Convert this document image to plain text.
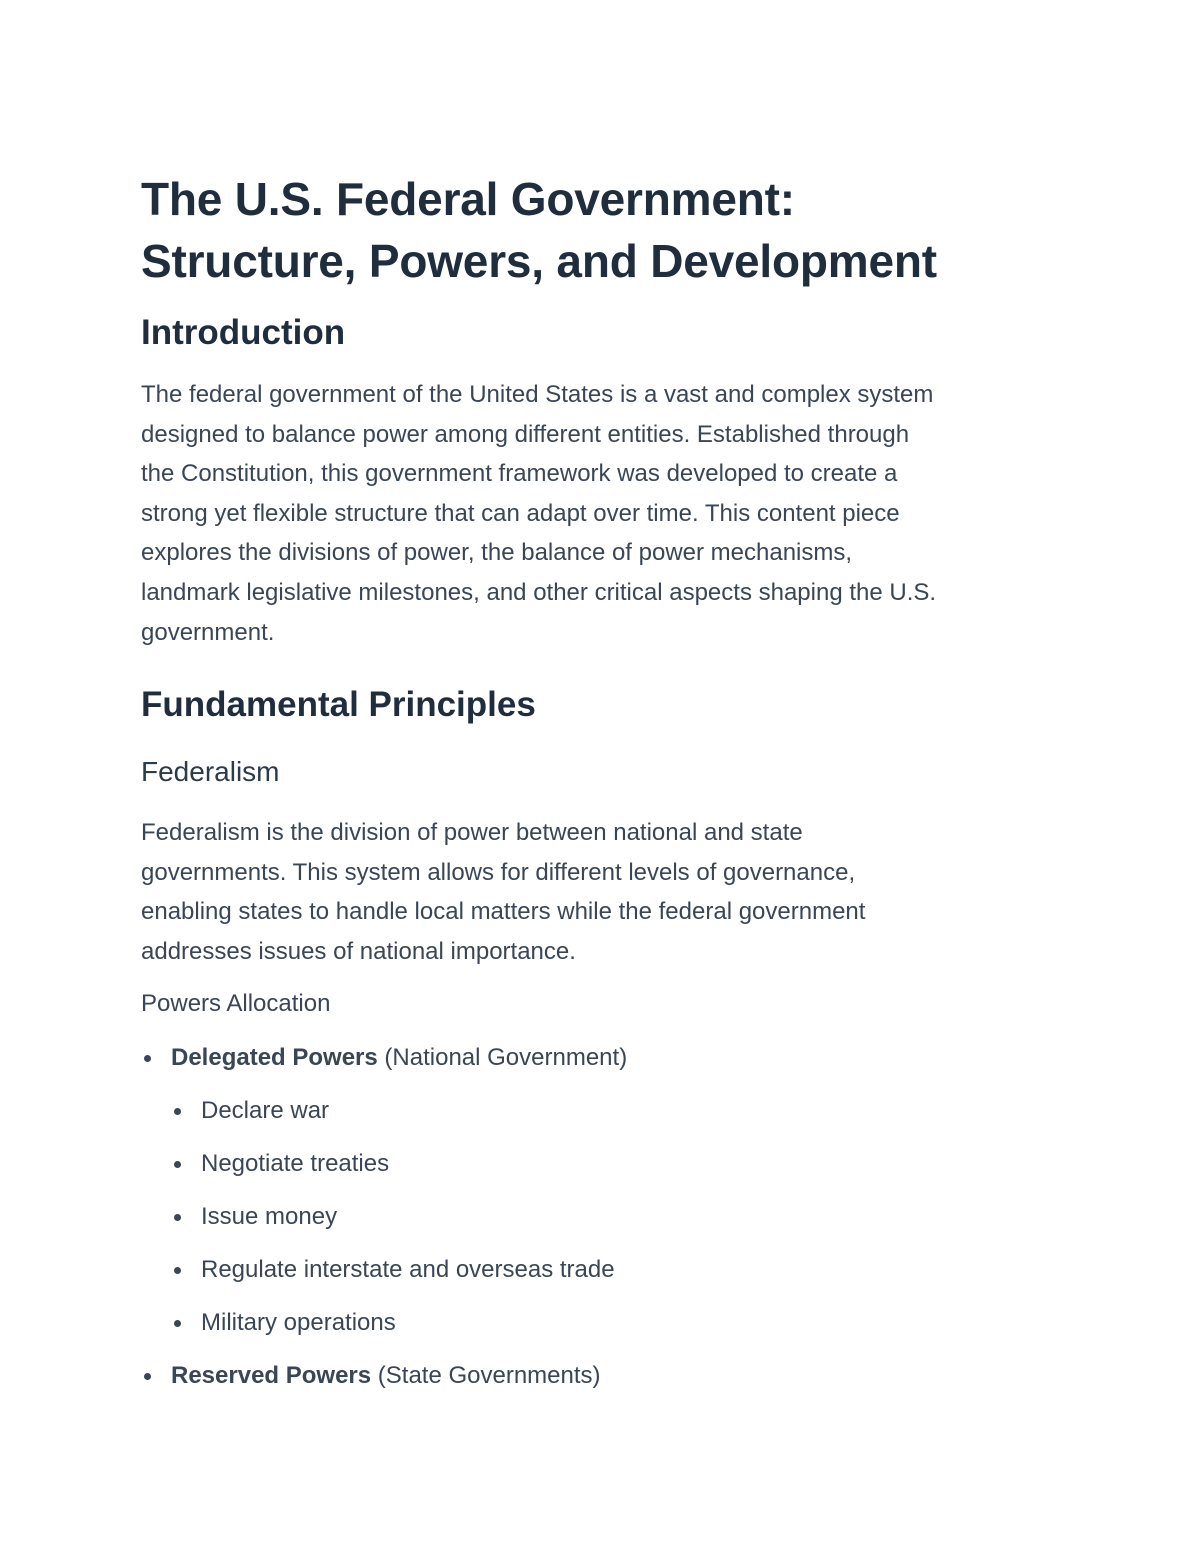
The U.S. Federal Government:
Structure, Powers, and Development
Introduction

The federal government of the United States is a vast and complex system
designed to balance power among different entities. Established through
the Constitution, this government framework was developed to create a
strong yet flexible structure that can adapt over time. This content piece
explores the divisions of power, the balance of power mechanisms,
landmark legislative milestones, and other critical aspects shaping the U.S.
government.

Fundamental Principles
Federalism

Federalism is the division of power between national and state
governments. This system allows for different levels of governance,
enabling states to handle local matters while the federal government
addresses issues of national importance.

Powers Allocation
Delegated Powers (National Government)
Declare war
Negotiate treaties
Issue money
Regulate interstate and overseas trade
Military operations
Reserved Powers (State Governments)
